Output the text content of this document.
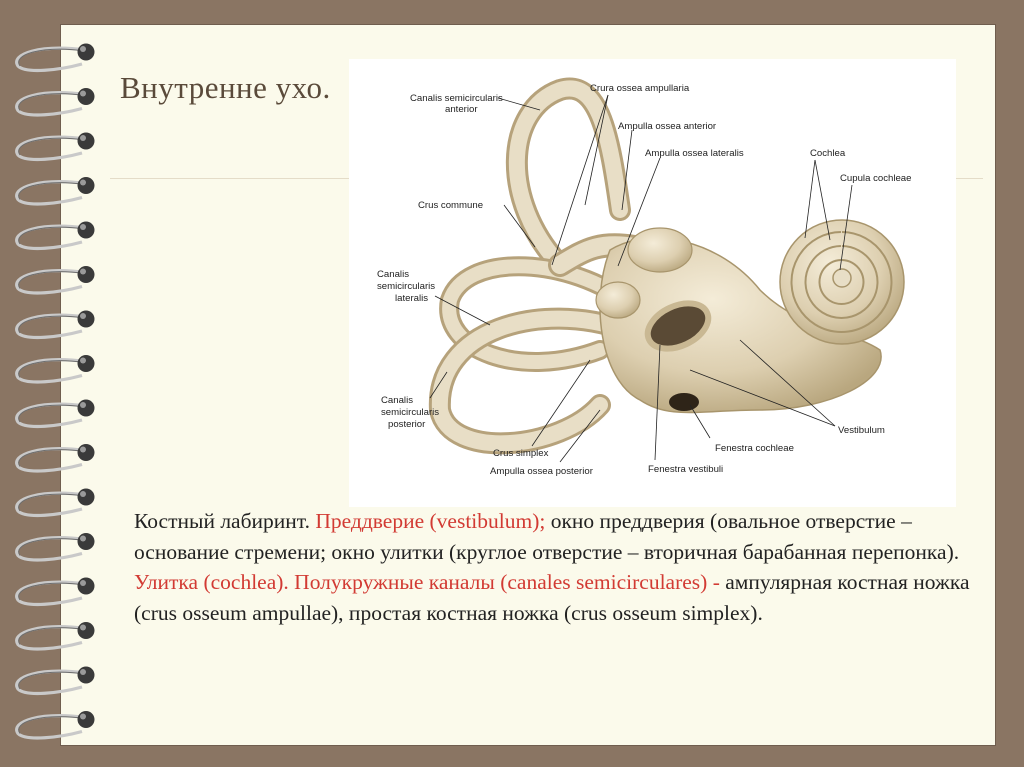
Внутренне ухо.	Canalis semicircularis
anterior
Crura ossea ampullaria
Ampulla ossea anterior
Ampulla ossea lateralis	Cochlea
Cupula cochleae
Crus commune
Canalis
semicircularis
lateralis
Canalis
semicircularis
posterior
Vestibulum
Fenestra cochleae
Crus simplex
Ampulla ossea posterior	Fenestra vestibuli
Костный лабиринт. Преддверие (vestibulum); окно преддверия (овальное отверстие – основание стремени; окно улитки (круглое отверстие – вторичная барабанная перепонка). Улитка (cochlea). Полукружные каналы (canales semicirculares) - ампулярная костная ножка (crus osseum ampullae), простая костная ножка (crus osseum simplex).
